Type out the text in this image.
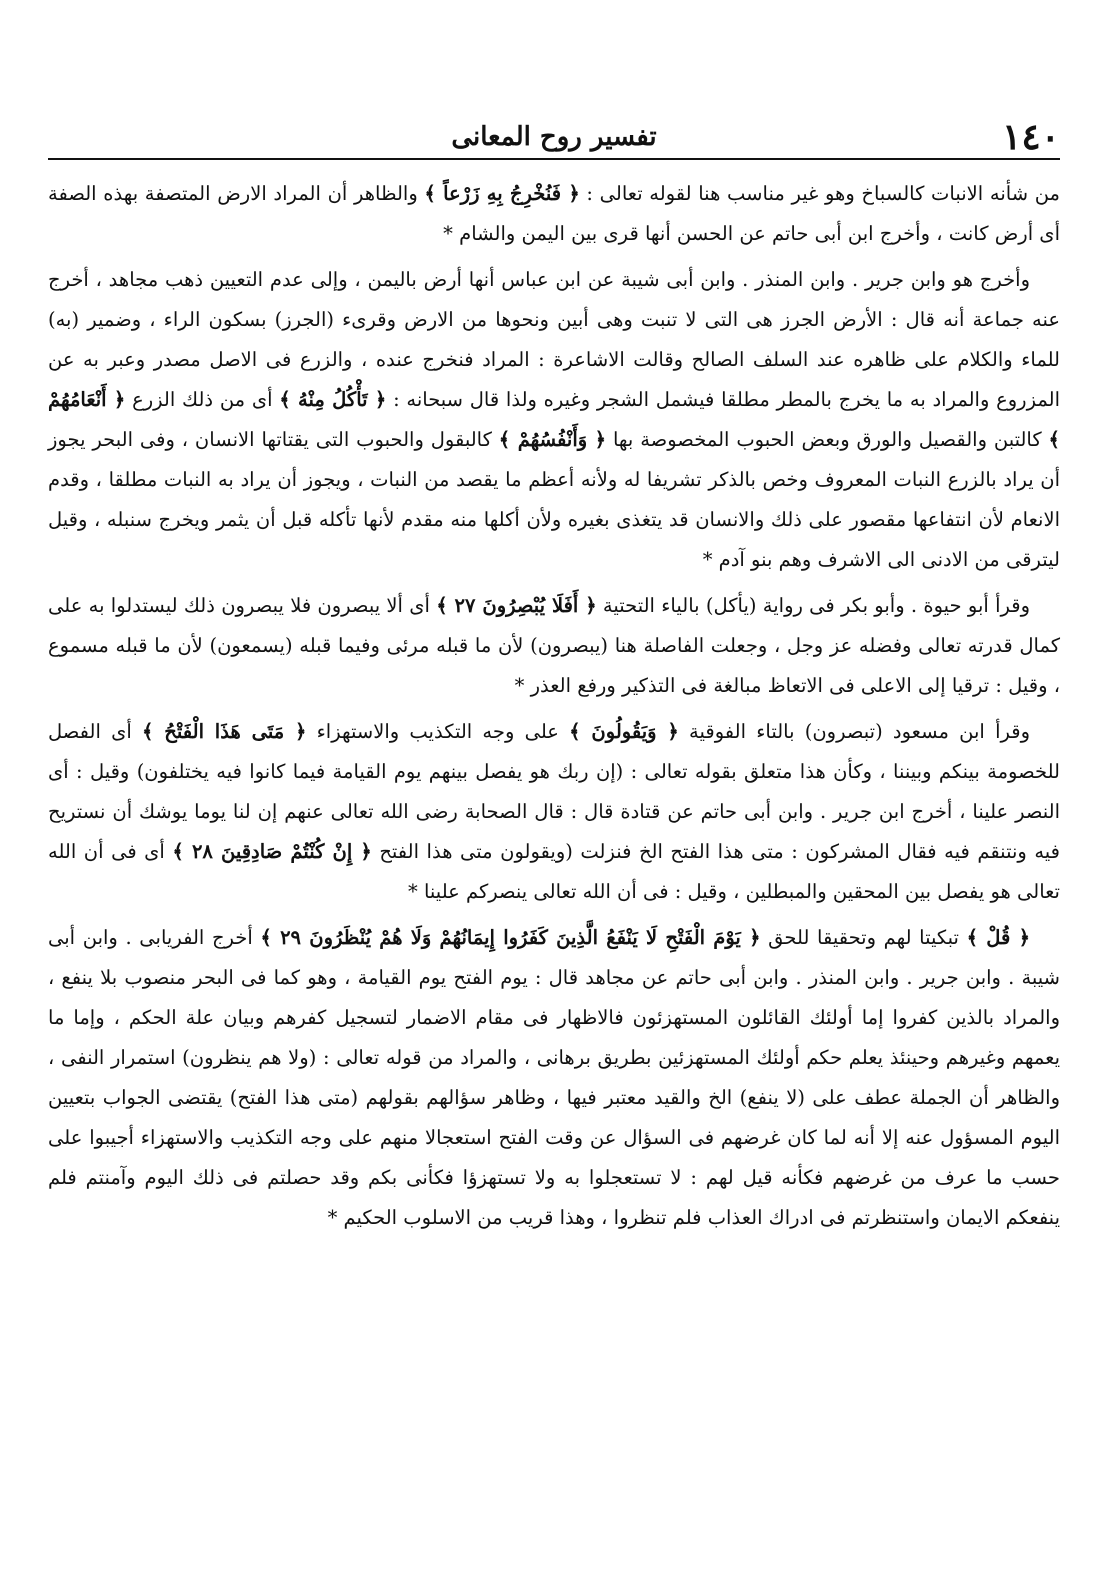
١٤٠
تفسير روح المعانى

من شأنه الانبات كالسباخ وهو غير مناسب هنا لقوله تعالى : ﴿ فَنُخْرِجُ بِهِ زَرْعاً ﴾ والظاهر أن المراد الارض المتصفة بهذه الصفة أى أرض كانت ، وأخرج ابن أبى حاتم عن الحسن أنها قرى بين اليمن والشام *

وأخرج هو وابن جرير . وابن المنذر . وابن أبى شيبة عن ابن عباس أنها أرض باليمن ، وإلى عدم التعيين ذهب مجاهد ، أخرج عنه جماعة أنه قال : الأرض الجرز هى التى لا تنبت وهى أبين ونحوها من الارض وقرىء (الجرز) بسكون الراء ، وضمير (به) للماء والكلام على ظاهره عند السلف الصالح وقالت الاشاعرة : المراد فنخرج عنده ، والزرع فى الاصل مصدر وعبر به عن المزروع والمراد به ما يخرج بالمطر مطلقا فيشمل الشجر وغيره ولذا قال سبحانه : ﴿ تَأْكُلُ مِنْهُ ﴾ أى من ذلك الزرع ﴿ أَنْعَامُهُمْ ﴾ كالتبن والقصيل والورق وبعض الحبوب المخصوصة بها ﴿ وَأَنْفُسُهُمْ ﴾ كالبقول والحبوب التى يقتاتها الانسان ، وفى البحر يجوز أن يراد بالزرع النبات المعروف وخص بالذكر تشريفا له ولأنه أعظم ما يقصد من النبات ، ويجوز أن يراد به النبات مطلقا ، وقدم الانعام لأن انتفاعها مقصور على ذلك والانسان قد يتغذى بغيره ولأن أكلها منه مقدم لأنها تأكله قبل أن يثمر ويخرج سنبله ، وقيل ليترقى من الادنى الى الاشرف وهم بنو آدم *

وقرأ أبو حيوة . وأبو بكر فى رواية (يأكل) بالياء التحتية ﴿ أَفَلَا يُبْصِرُونَ ٢٧ ﴾ أى ألا يبصرون فلا يبصرون ذلك ليستدلوا به على كمال قدرته تعالى وفضله عز وجل ، وجعلت الفاصلة هنا (يبصرون) لأن ما قبله مرئى وفيما قبله (يسمعون) لأن ما قبله مسموع ، وقيل : ترقيا إلى الاعلى فى الاتعاظ مبالغة فى التذكير ورفع العذر *

وقرأ ابن مسعود (تبصرون) بالتاء الفوقية ﴿ وَيَقُولُونَ ﴾ على وجه التكذيب والاستهزاء ﴿ مَتَى هَذَا الْفَتْحُ ﴾ أى الفصل للخصومة بينكم وبيننا ، وكأن هذا متعلق بقوله تعالى : (إن ربك هو يفصل بينهم يوم القيامة فيما كانوا فيه يختلفون) وقيل : أى النصر علينا ، أخرج ابن جرير . وابن أبى حاتم عن قتادة قال : قال الصحابة رضى الله تعالى عنهم إن لنا يوما يوشك أن نستريح فيه ونتنقم فيه فقال المشركون : متى هذا الفتح الخ فنزلت (ويقولون متى هذا الفتح ﴿ إِنْ كُنْتُمْ صَادِقِينَ ٢٨ ﴾ أى فى أن الله تعالى هو يفصل بين المحقين والمبطلين ، وقيل : فى أن الله تعالى ينصركم علينا *

﴿ قُلْ ﴾ تبكيتا لهم وتحقيقا للحق ﴿ يَوْمَ الْفَتْحِ لَا يَنْفَعُ الَّذِينَ كَفَرُوا إِيمَانُهُمْ وَلَا هُمْ يُنْظَرُونَ ٢٩ ﴾ أخرج الفريابى . وابن أبى شيبة . وابن جرير . وابن المنذر . وابن أبى حاتم عن مجاهد قال : يوم الفتح يوم القيامة ، وهو كما فى البحر منصوب بلا ينفع ، والمراد بالذين كفروا إما أولئك القائلون المستهزئون فالاظهار فى مقام الاضمار لتسجيل كفرهم وبيان علة الحكم ، وإما ما يعمهم وغيرهم وحينئذ يعلم حكم أولئك المستهزئين بطريق برهانى ، والمراد من قوله تعالى : (ولا هم ينظرون) استمرار النفى ، والظاهر أن الجملة عطف على (لا ينفع) الخ والقيد معتبر فيها ، وظاهر سؤالهم بقولهم (متى هذا الفتح) يقتضى الجواب بتعيين اليوم المسؤول عنه إلا أنه لما كان غرضهم فى السؤال عن وقت الفتح استعجالا منهم على وجه التكذيب والاستهزاء أجيبوا على حسب ما عرف من غرضهم فكأنه قيل لهم : لا تستعجلوا به ولا تستهزؤا فكأنى بكم وقد حصلتم فى ذلك اليوم وآمنتم فلم ينفعكم الايمان واستنظرتم فى ادراك العذاب فلم تنظروا ، وهذا قريب من الاسلوب الحكيم *
